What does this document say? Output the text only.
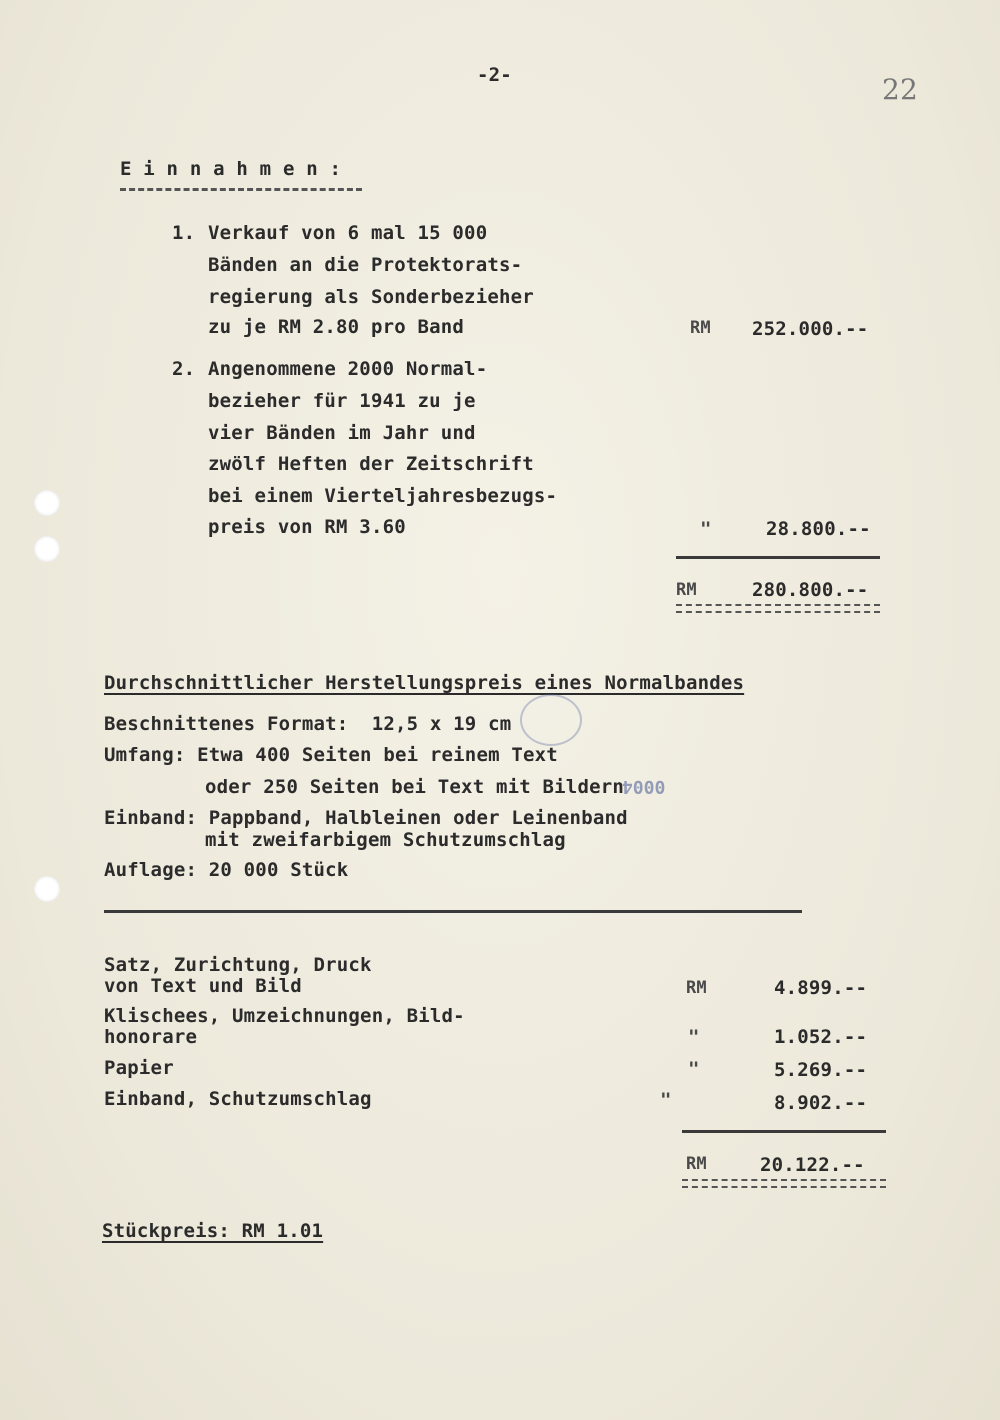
-2-	22
E i n n a h m e n :
1. Verkauf von 6 mal 15 000
Bänden an die Protektorats-
regierung als Sonderbezieher
zu je RM 2.80 pro Band	RM 252.000.--
2. Angenommene 2000 Normal-
bezieher für 1941 zu je
vier Bänden im Jahr und
zwölf Heften der Zeitschrift
bei einem Vierteljahresbezugs-
preis von RM 3.60	"	28.800.--
RM	280.800.--
Durchschnittlicher Herstellungspreis eines Normalbandes
0004
Beschnittenes Format:  12,5 x 19 cm
Umfang: Etwa 400 Seiten bei reinem Text
oder 250 Seiten bei Text mit Bildern
Einband: Pappband, Halbleinen oder Leinenband
mit zweifarbigem Schutzumschlag
Auflage: 20 000 Stück
Satz, Zurichtung, Druck
von Text und Bild	RM	4.899.--
Klischees, Umzeichnungen, Bild-
honorare	"	1.052.--
Papier	"	5.269.--
Einband, Schutzumschlag	"	8.902.--
RM	20.122.--
Stückpreis: RM 1.01
